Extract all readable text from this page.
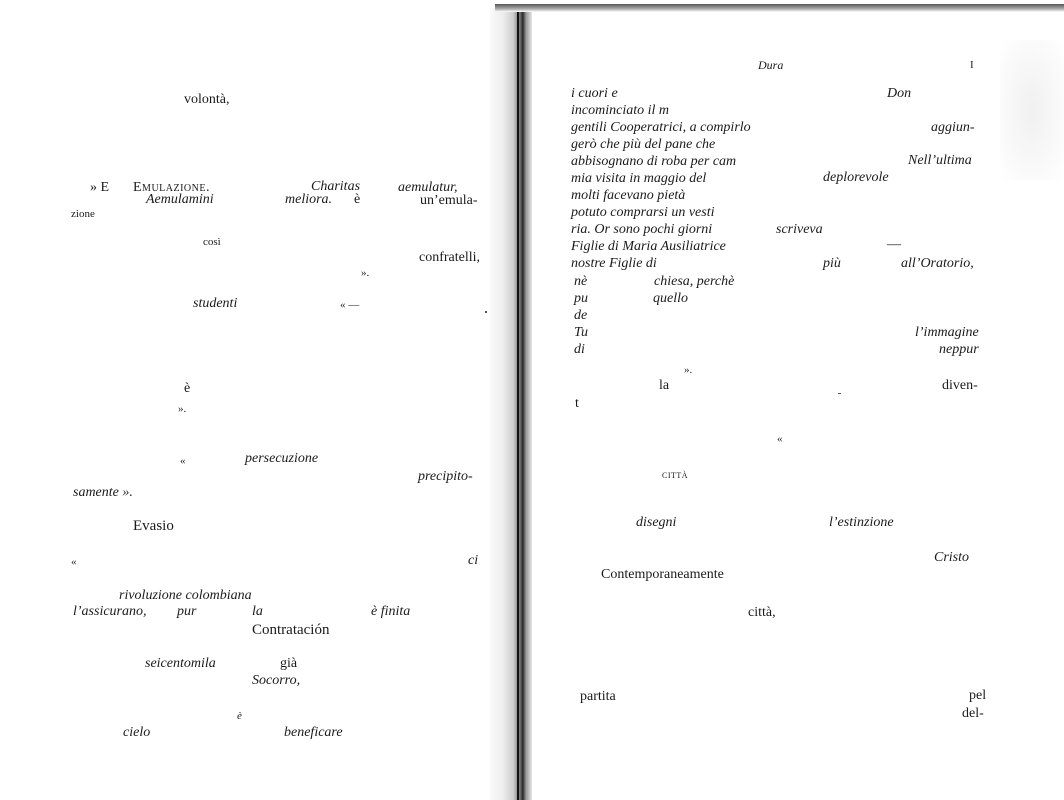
volontà,
» E Emulazione.	Charitas	aemulatur,
Aemulamini	meliora. è	un’emula-
zione
così
confratelli,
».
studenti	« —
è
».
«	persecuzione
precipito-
samente ».
Evasio
«	ci
rivoluzione colombiana
l’assicurano, pur	la	è finita
Contratación
seicentomila	già
Socorro,
è
cielo	beneficare
Dura	I
i cuori e	Don
incominciato il m
gentili Cooperatrici, a compirlo	aggiun-
gerò che più del pane che
abbisognano di roba per cam	Nell’ultima
mia visita in maggio del	deplorevole
molti facevano pietà
potuto comprarsi un vesti
ria. Or sono pochi giorni	scriveva
Figlie di Maria Ausiliatrice	—
nostre Figlie di	più	all’Oratorio,
nè	chiesa, perchè
pu	quello
de
Tu	l’immagine
di	neppur
».
la	diven-
t
«
città
disegni	l’estinzione
Cristo
Contemporaneamente
città,
partita	pel
del-
